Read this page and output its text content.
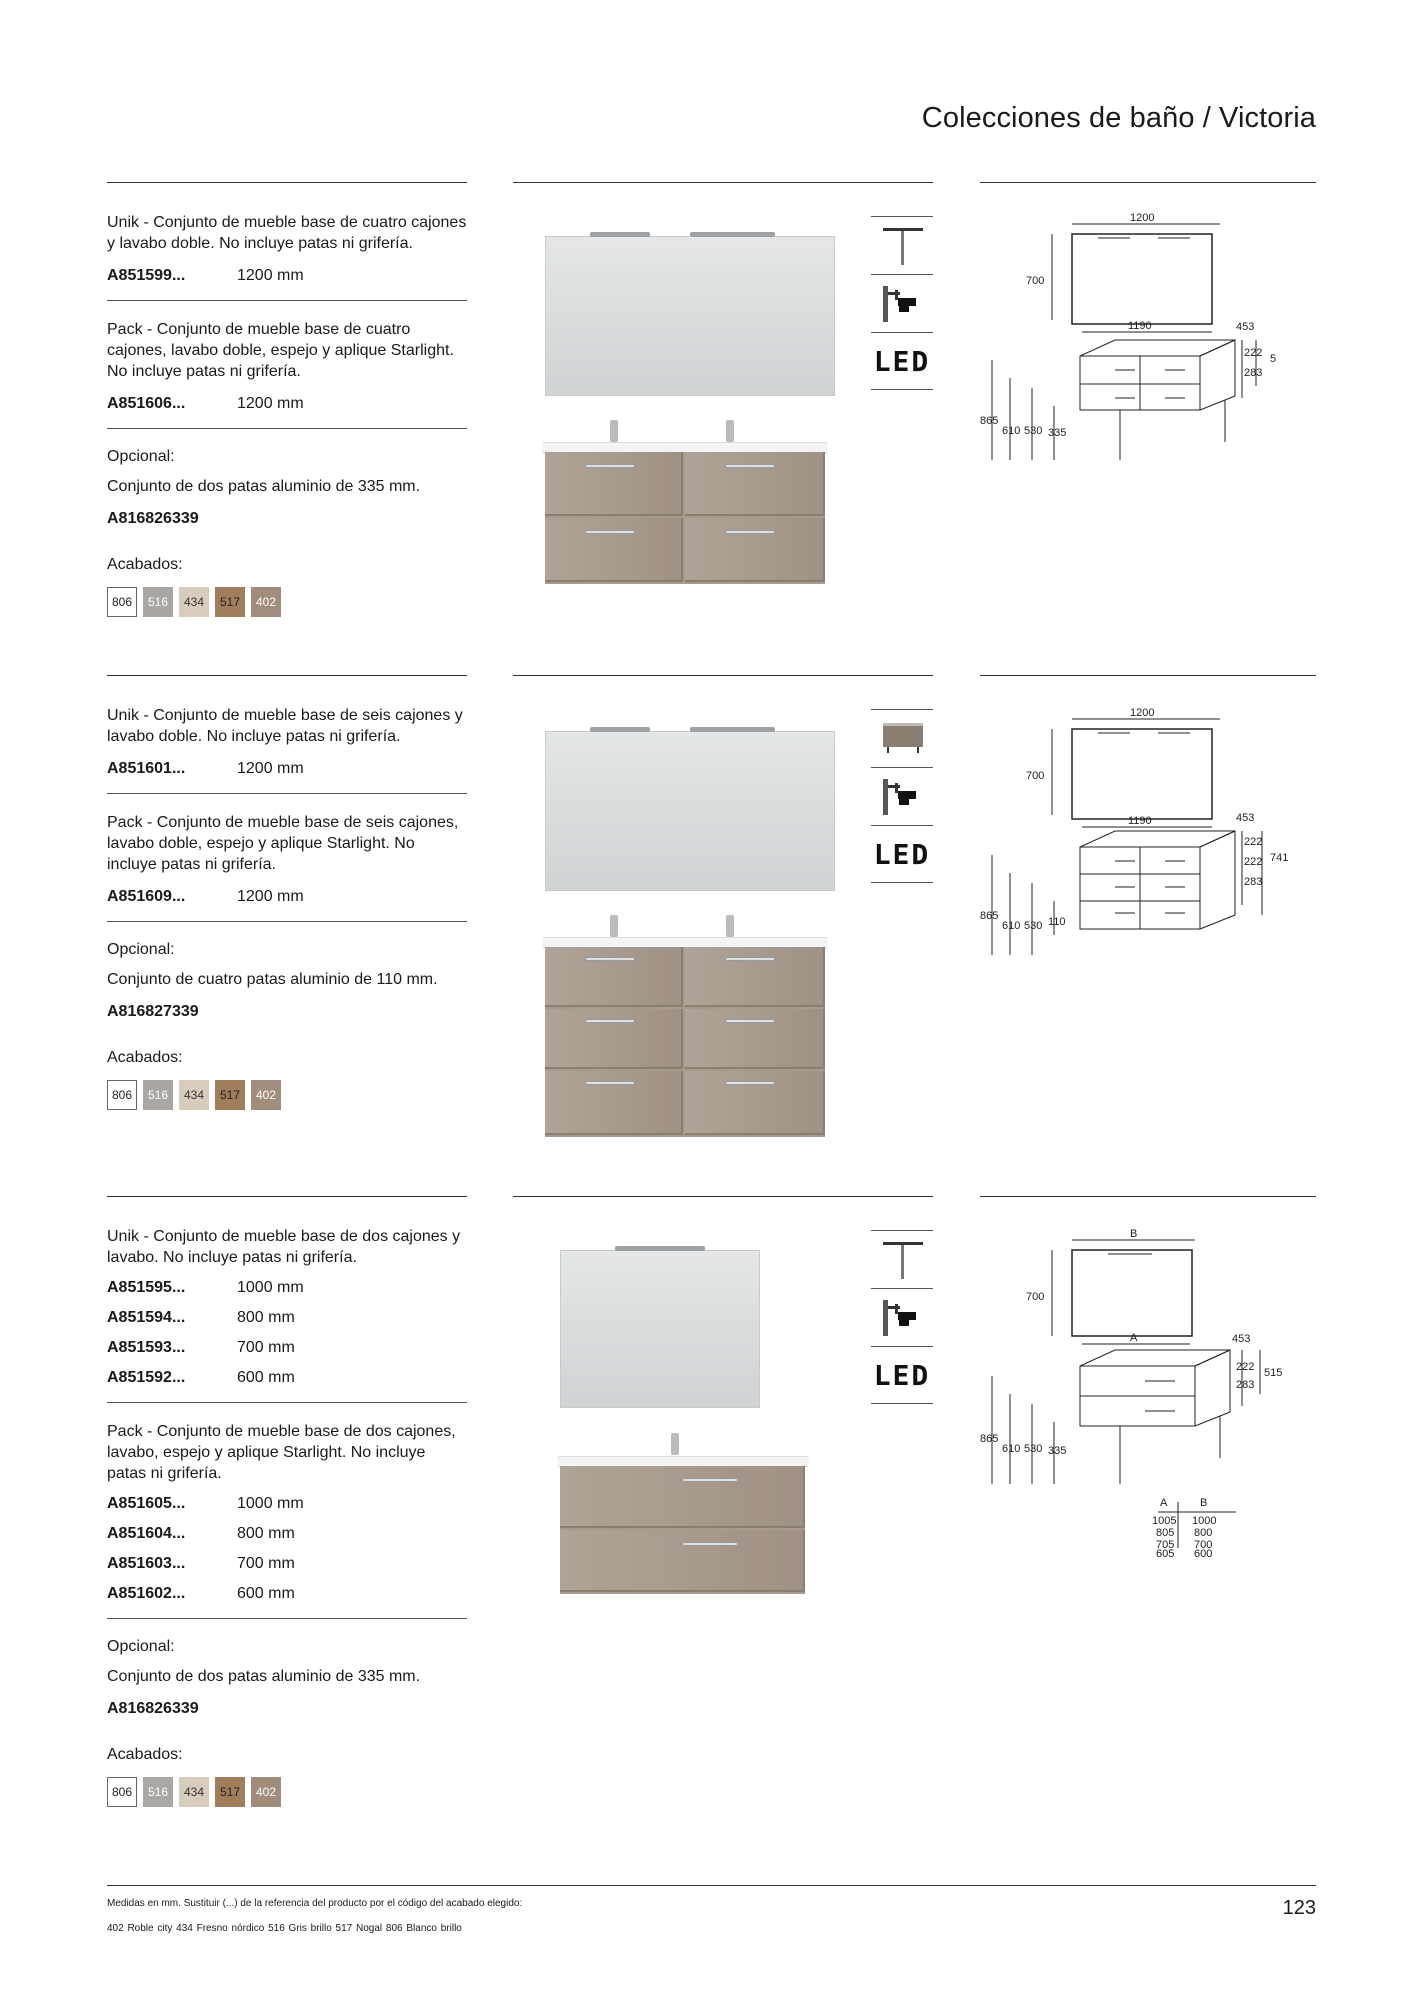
Colecciones de baño / Victoria
Unik - Conjunto de mueble base de cuatro cajones y lavabo doble. No incluye patas ni grifería.
A851599...	1200 mm
Pack - Conjunto de mueble base de cuatro cajones, lavabo doble, espejo y aplique Starlight. No incluye patas ni grifería.
A851606...	1200 mm
Opcional:
Conjunto de dos patas aluminio de 335 mm.
A816826339
Acabados:
806	516	434	517	402
LED
1200
700
1190	453
222 5
283
865
610 530 335
Unik - Conjunto de mueble base de seis cajones y lavabo doble. No incluye patas ni grifería.
A851601...	1200 mm
Pack - Conjunto de mueble base de seis cajones, lavabo doble, espejo y aplique Starlight. No incluye patas ni grifería.
A851609...	1200 mm
Opcional:
Conjunto de cuatro patas aluminio de 110 mm.
A816827339
Acabados:
806	516	434	517	402
LED
1200
700
1190	453
222
222
283
741
865
610 530 110
Unik - Conjunto de mueble base de dos cajones y lavabo. No incluye patas ni grifería.
A851595...	1000 mm
A851594...	800 mm
A851593...	700 mm
A851592...	600 mm
Pack - Conjunto de mueble base de dos cajones, lavabo, espejo y aplique Starlight. No incluye patas ni grifería.
A851605...	1000 mm
A851604...	800 mm
A851603...	700 mm
A851602...	600 mm
Opcional:
Conjunto de dos patas aluminio de 335 mm.
A816826339
Acabados:
806	516	434	517	402
LED
B
700
A	453
222 515
283
865
610 530 335
A	B
1005 1000
805 800
705 700
605	600
Medidas en mm. Sustituir (...) de la referencia del producto por el código del acabado elegido:
402 Roble city 434 Fresno nórdico 516 Gris brillo 517 Nogal 806 Blanco brillo
123
